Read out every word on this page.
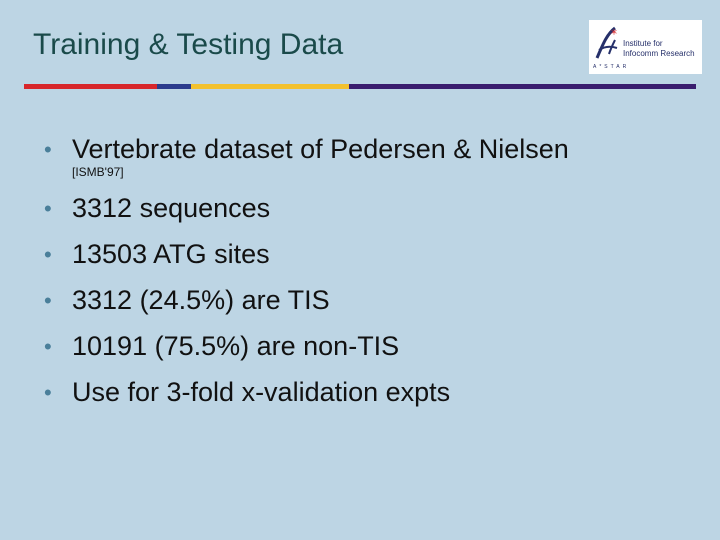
Training & Testing Data	*
Institute for
Infocomm Research
A*STAR
• Vertebrate dataset of Pedersen & Nielsen
[ISMB'97]
• 3312 sequences
• 13503 ATG sites
• 3312 (24.5%) are TIS
• 10191 (75.5%) are non-TIS
• Use for 3-fold x-validation expts
